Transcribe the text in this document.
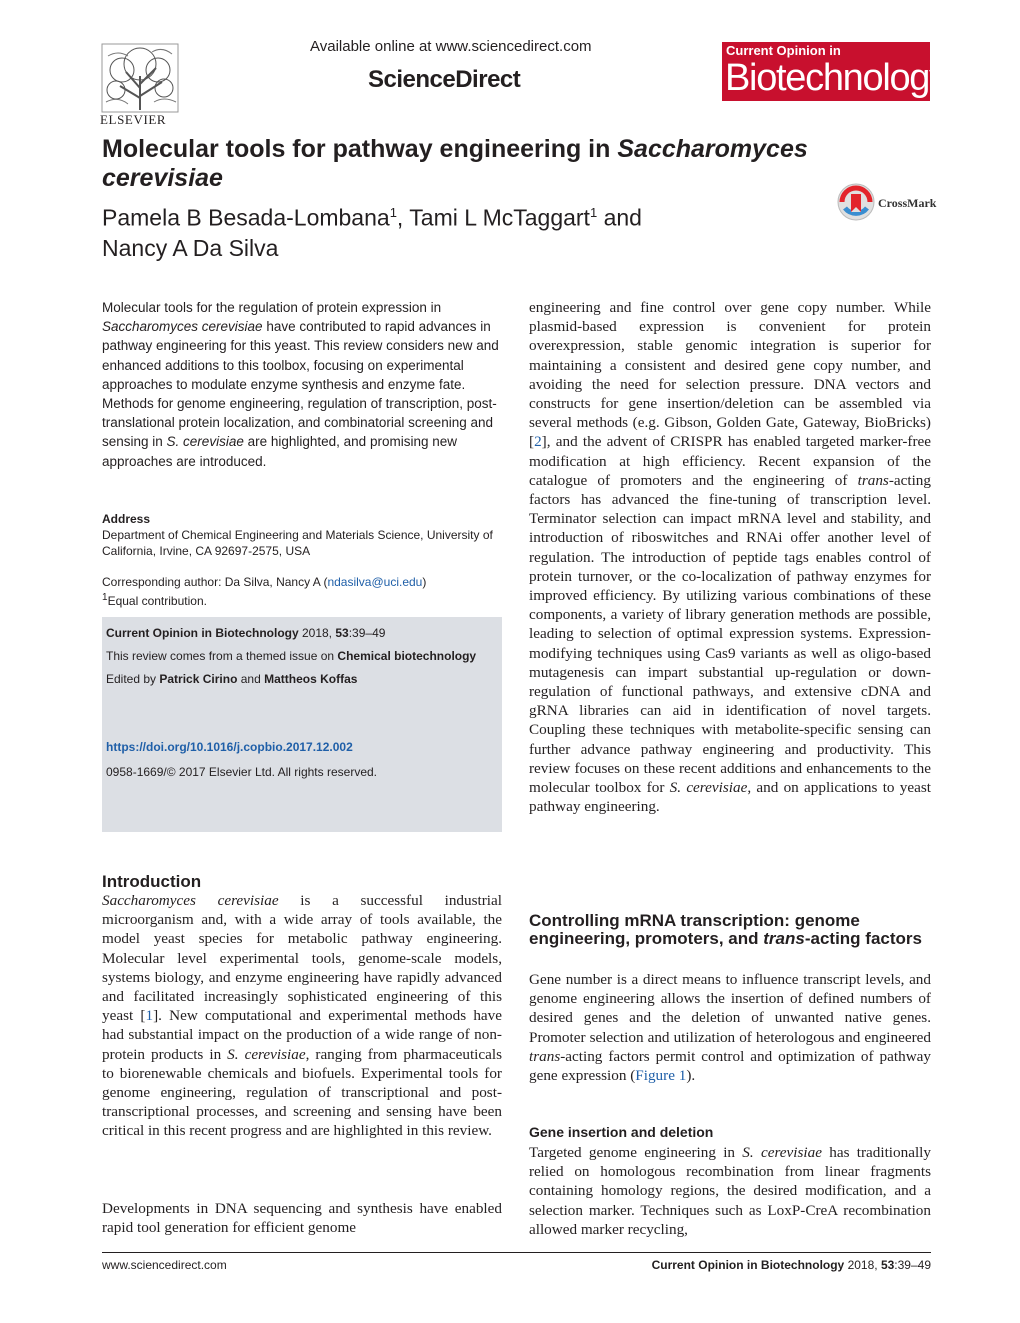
Available online at www.sciencedirect.com
ScienceDirect
ELSEVIER
Current Opinion in
Biotechnology
Molecular tools for pathway engineering in Saccharomyces cerevisiae
Pamela B Besada-Lombana$^1$, Tami L McTaggart$^1$ and
Nancy A Da Silva
CrossMark
Molecular tools for the regulation of protein expression in Saccharomyces cerevisiae have contributed to rapid advances in pathway engineering for this yeast. This review considers new and enhanced additions to this toolbox, focusing on experimental approaches to modulate enzyme synthesis and enzyme fate. Methods for genome engineering, regulation of transcription, post-translational protein localization, and combinatorial screening and sensing in S. cerevisiae are highlighted, and promising new approaches are introduced.
Address
Department of Chemical Engineering and Materials Science, University of California, Irvine, CA 92697-2575, USA
Corresponding author: Da Silva, Nancy A (ndasilva@uci.edu)
$^1$Equal contribution.
Current Opinion in Biotechnology 2018, 53:39–49
This review comes from a themed issue on Chemical biotechnology
Edited by Patrick Cirino and Mattheos Koffas
https://doi.org/10.1016/j.copbio.2017.12.002
0958-1669/© 2017 Elsevier Ltd. All rights reserved.
Introduction
Saccharomyces cerevisiae is a successful industrial microorganism and, with a wide array of tools available, the model yeast species for metabolic pathway engineering. Molecular level experimental tools, genome-scale models, systems biology, and enzyme engineering have rapidly advanced and facilitated increasingly sophisticated engineering of this yeast [1]. New computational and experimental methods have had substantial impact on the production of a wide range of non-protein products in S. cerevisiae, ranging from pharmaceuticals to biorenewable chemicals and biofuels. Experimental tools for genome engineering, regulation of transcriptional and post-transcriptional processes, and screening and sensing have been critical in this recent progress and are highlighted in this review.
Developments in DNA sequencing and synthesis have enabled rapid tool generation for efficient genome
engineering and fine control over gene copy number. While plasmid-based expression is convenient for protein overexpression, stable genomic integration is superior for maintaining a consistent and desired gene copy number, and avoiding the need for selection pressure. DNA vectors and constructs for gene insertion/deletion can be assembled via several methods (e.g. Gibson, Golden Gate, Gateway, BioBricks) [2], and the advent of CRISPR has enabled targeted marker-free modification at high efficiency. Recent expansion of the catalogue of promoters and the engineering of trans-acting factors has advanced the fine-tuning of transcription level. Terminator selection can impact mRNA level and stability, and introduction of riboswitches and RNAi offer another level of regulation. The introduction of peptide tags enables control of protein turnover, or the co-localization of pathway enzymes for improved efficiency. By utilizing various combinations of these components, a variety of library generation methods are possible, leading to selection of optimal expression systems. Expression-modifying techniques using Cas9 variants as well as oligo-based mutagenesis can impart substantial up-regulation or down-regulation of functional pathways, and extensive cDNA and gRNA libraries can aid in identification of novel targets. Coupling these techniques with metabolite-specific sensing can further advance pathway engineering and productivity. This review focuses on these recent additions and enhancements to the molecular toolbox for S. cerevisiae, and on applications to yeast pathway engineering.
Controlling mRNA transcription: genome engineering, promoters, and trans-acting factors
Gene number is a direct means to influence transcript levels, and genome engineering allows the insertion of defined numbers of desired genes and the deletion of unwanted native genes. Promoter selection and utilization of heterologous and engineered trans-acting factors permit control and optimization of pathway gene expression (Figure 1).
Gene insertion and deletion
Targeted genome engineering in S. cerevisiae has traditionally relied on homologous recombination from linear fragments containing homology regions, the desired modification, and a selection marker. Techniques such as LoxP-CreA recombination allowed marker recycling,
www.sciencedirect.com	Current Opinion in Biotechnology 2018, 53:39–49
